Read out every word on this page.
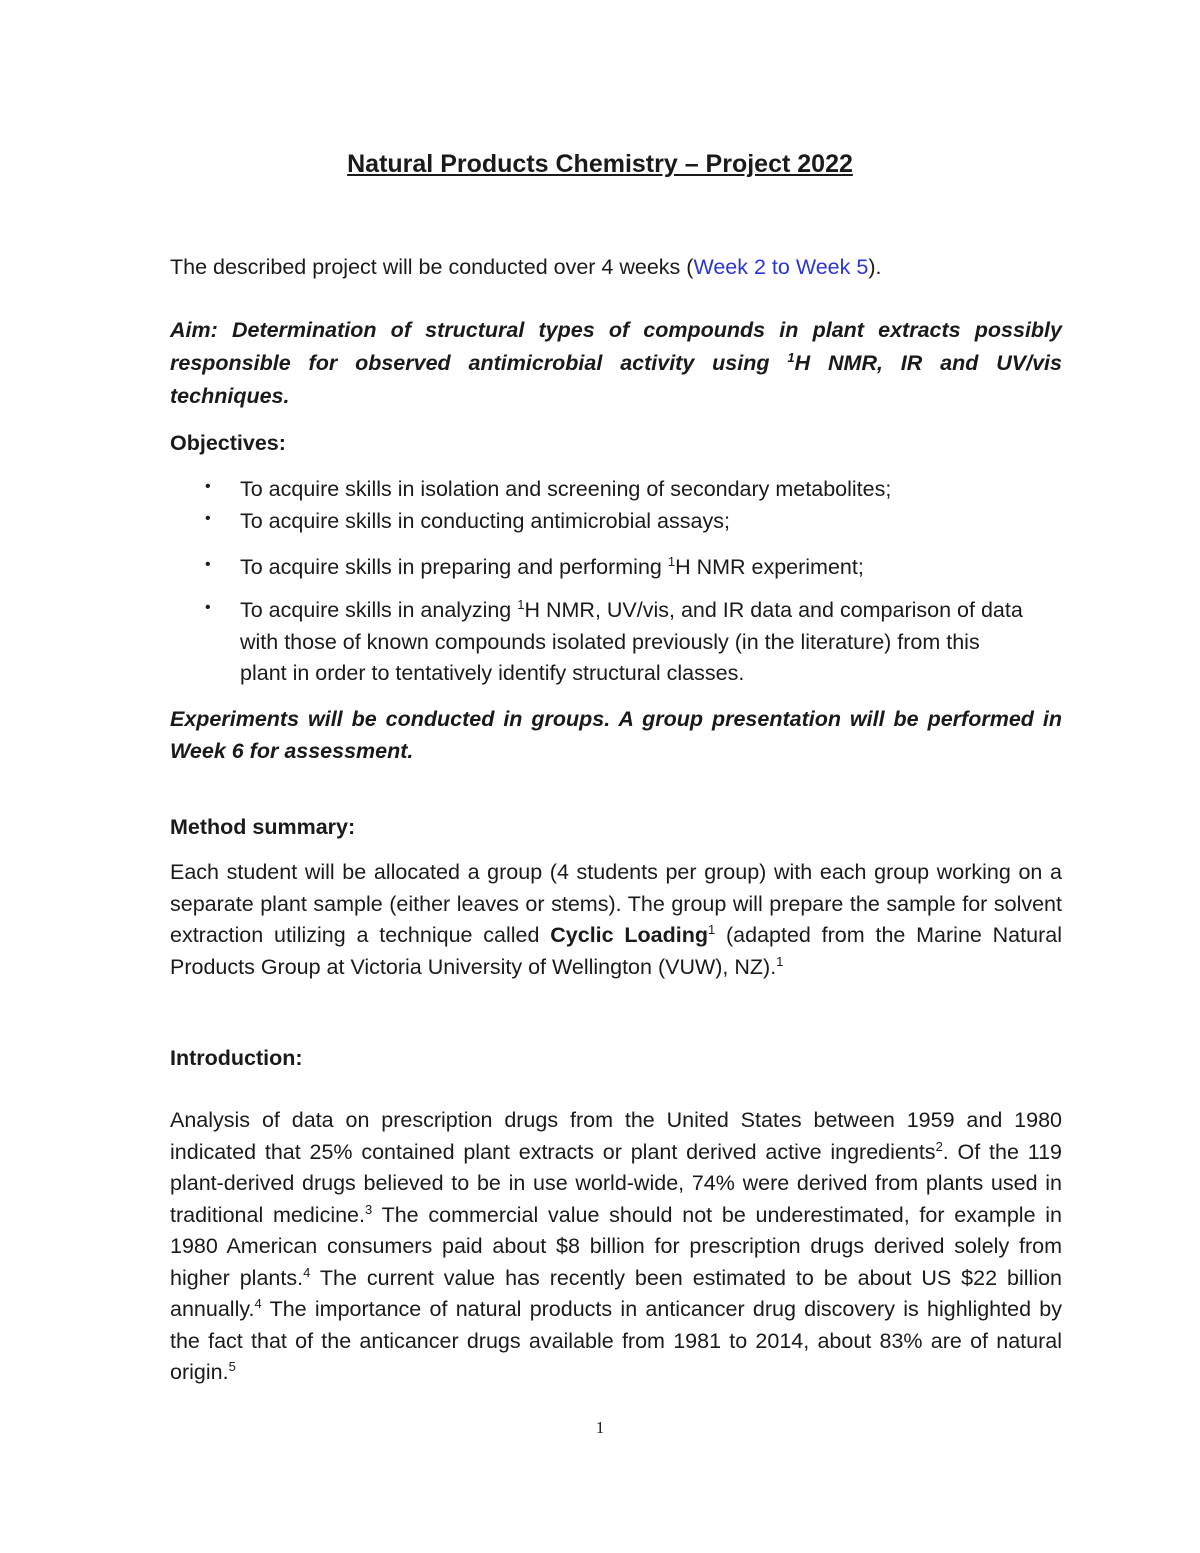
Natural Products Chemistry – Project 2022
The described project will be conducted over 4 weeks (Week 2 to Week 5).
Aim: Determination of structural types of compounds in plant extracts possibly responsible for observed antimicrobial activity using $^1$H NMR, IR and UV/vis techniques.
Objectives:
• To acquire skills in isolation and screening of secondary metabolites;
• To acquire skills in conducting antimicrobial assays;
• To acquire skills in preparing and performing $^1$H NMR experiment;
• To acquire skills in analyzing $^1$H NMR, UV/vis, and IR data and comparison of data with those of known compounds isolated previously (in the literature) from this plant in order to tentatively identify structural classes.
Experiments will be conducted in groups. A group presentation will be performed in Week 6 for assessment.
Method summary:
Each student will be allocated a group (4 students per group) with each group working on a separate plant sample (either leaves or stems). The group will prepare the sample for solvent extraction utilizing a technique called Cyclic Loading$^1$ (adapted from the Marine Natural Products Group at Victoria University of Wellington (VUW), NZ).$^1$
Introduction:
Analysis of data on prescription drugs from the United States between 1959 and 1980 indicated that 25% contained plant extracts or plant derived active ingredients$^2$. Of the 119 plant-derived drugs believed to be in use world-wide, 74% were derived from plants used in traditional medicine.$^3$ The commercial value should not be underestimated, for example in 1980 American consumers paid about $8 billion for prescription drugs derived solely from higher plants.$^4$ The current value has recently been estimated to be about US $22 billion annually.$^4$ The importance of natural products in anticancer drug discovery is highlighted by the fact that of the anticancer drugs available from 1981 to 2014, about 83% are of natural origin.$^5$
1
